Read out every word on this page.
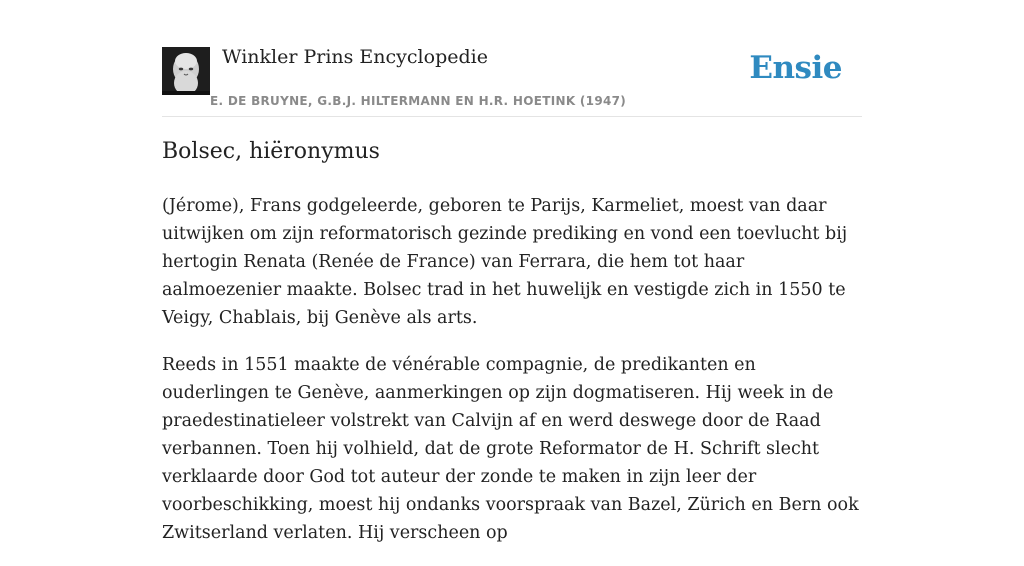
Winkler Prins Encyclopedie
E. DE BRUYNE, G.B.J. HILTERMANN EN H.R. HOETINK (1947)
Ensie
Bolsec, hiëronymus

(Jérome), Frans godgeleerde, geboren te Parijs, Karmeliet, moest van daar uitwijken om zijn reformatorisch gezinde prediking en vond een toevlucht bij hertogin Renata (Renée de France) van Ferrara, die hem tot haar aalmoezenier maakte. Bolsec trad in het huwelijk en vestigde zich in 1550 te Veigy, Chablais, bij Genève als arts.

Reeds in 1551 maakte de vénérable compagnie, de predikanten en ouderlingen te Genève, aanmerkingen op zijn dogmatiseren. Hij week in de praedestinatieleer volstrekt van Calvijn af en werd deswege door de Raad verbannen. Toen hij volhield, dat de grote Reformator de H. Schrift slecht verklaarde door God tot auteur der zonde te maken in zijn leer der voorbeschikking, moest hij ondanks voorspraak van Bazel, Zürich en Bern ook Zwitserland verlaten. Hij verscheen op
